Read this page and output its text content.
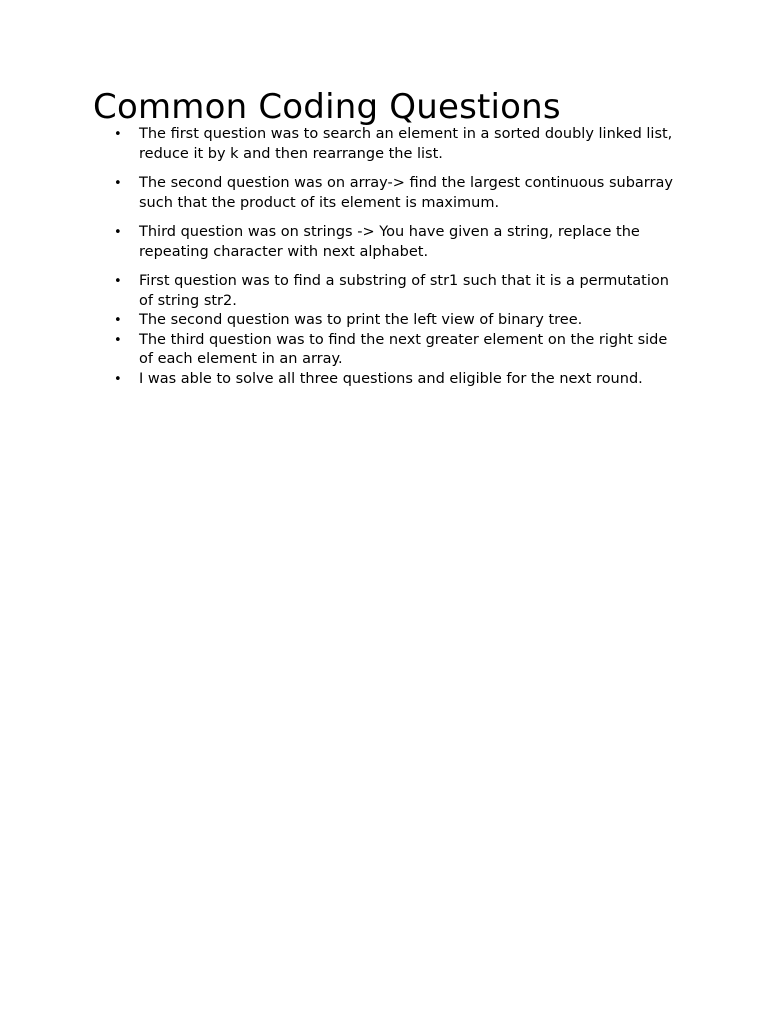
Common Coding Questions
• The first question was to search an element in a sorted doubly linked list, reduce it by k and then rearrange the list.
• The second question was on array-> find the largest continuous subarray such that the product of its element is maximum.
• Third question was on strings -> You have given a string, replace the repeating character with next alphabet.
• First question was to find a substring of str1 such that it is a permutation of string str2.
• The second question was to print the left view of binary tree.
• The third question was to find the next greater element on the right side of each element in an array.
• I was able to solve all three questions and eligible for the next round.
